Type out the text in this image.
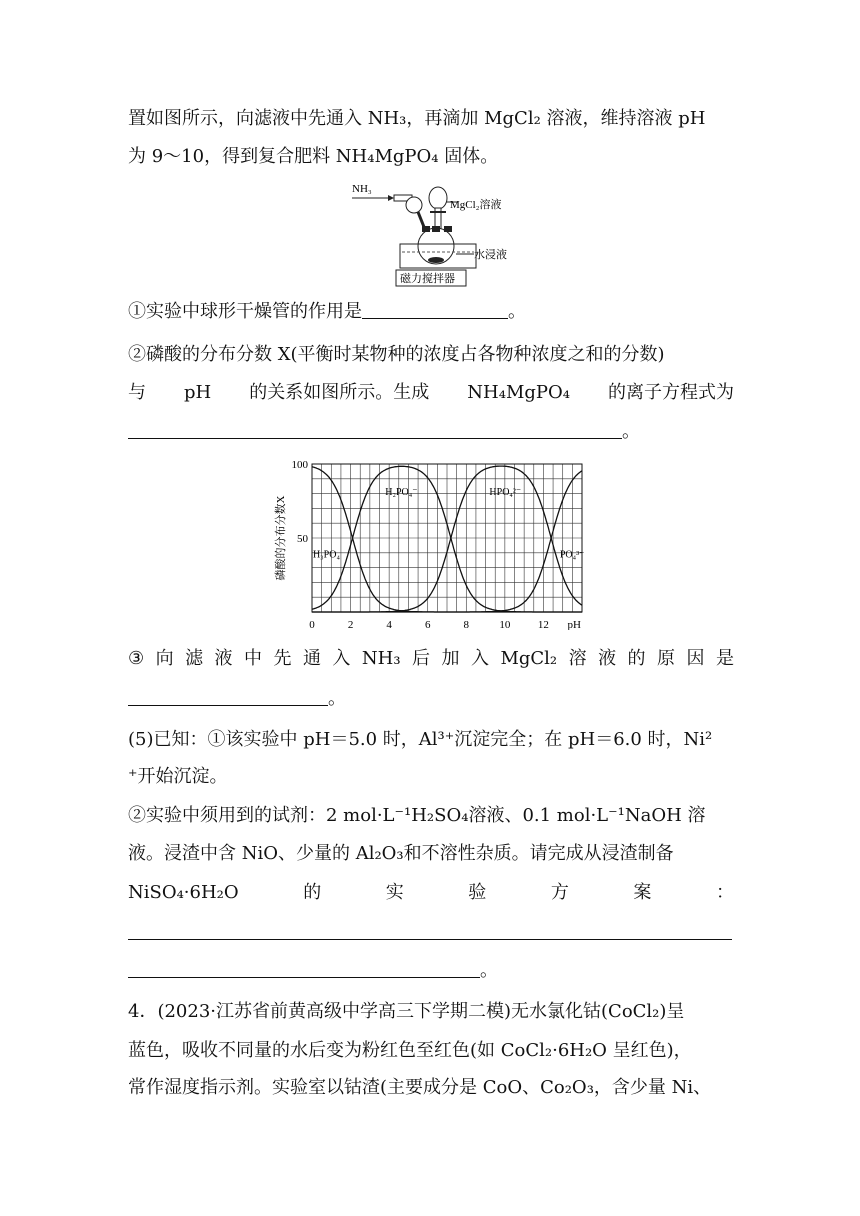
置如图所示，向滤液中先通入 NH₃，再滴加 MgCl₂ 溶液，维持溶液 pH
为 9～10，得到复合肥料 NH₄MgPO₄ 固体。
NH₃
MgCl₂溶液
水浸液
磁力搅拌器
①实验中球形干燥管的作用是	。
②磷酸的分布分数 X(平衡时某物种的浓度占各物种浓度之和的分数)
与 pH 的关系如图所示。生成 NH₄MgPO₄ 的离子方程式为
。
0	2	4	6	8	10	12
50
100
pH
磷酸的分布分数X	H₃PO₄
H₂PO₄⁻	HPO₄²⁻
PO₄³⁻
③ 向 滤 液 中 先 通 入 NH₃ 后 加 入 MgCl₂ 溶 液 的 原 因 是
。
(5)已知：①该实验中 pH＝5.0 时，Al³⁺沉淀完全；在 pH＝6.0 时，Ni²
⁺开始沉淀。
②实验中须用到的试剂：2 mol·L⁻¹H₂SO₄溶液、0.1 mol·L⁻¹NaOH 溶
液。浸渣中含 NiO、少量的 Al₂O₃和不溶性杂质。请完成从浸渣制备
NiSO₄·6H₂O	的	实	验	方	案	：
。
4．(2023·江苏省前黄高级中学高三下学期二模)无水氯化钴(CoCl₂)呈
蓝色，吸收不同量的水后变为粉红色至红色(如 CoCl₂·6H₂O 呈红色)，
常作湿度指示剂。实验室以钴渣(主要成分是 CoO、Co₂O₃，含少量 Ni、
